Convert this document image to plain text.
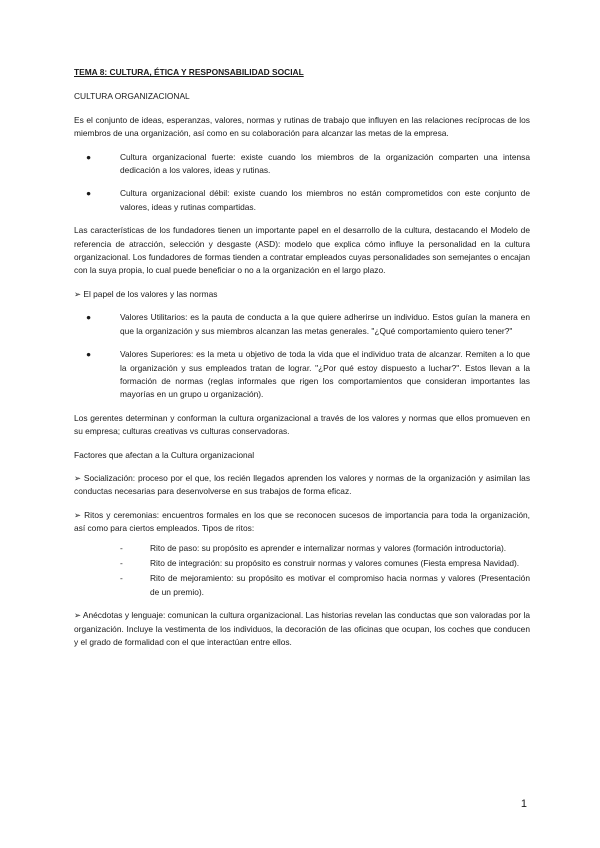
TEMA 8: CULTURA, ÉTICA Y RESPONSABILIDAD SOCIAL
CULTURA ORGANIZACIONAL

Es el conjunto de ideas, esperanzas, valores, normas y rutinas de trabajo que influyen en las relaciones recíprocas de los miembros de una organización, así como en su colaboración para alcanzar las metas de la empresa.

●	Cultura organizacional fuerte: existe cuando los miembros de la organización comparten una intensa dedicación a los valores, ideas y rutinas.
●	Cultura organizacional débil: existe cuando los miembros no están comprometidos con este conjunto de valores, ideas y rutinas compartidas.

Las características de los fundadores tienen un importante papel en el desarrollo de la cultura, destacando el Modelo de referencia de atracción, selección y desgaste (ASD): modelo que explica cómo influye la personalidad en la cultura organizacional. Los fundadores de formas tienden a contratar empleados cuyas personalidades son semejantes o encajan con la suya propia, lo cual puede beneficiar o no a la organización en el largo plazo.

➢ El papel de los valores y las normas
●	Valores Utilitarios: es la pauta de conducta a la que quiere adherirse un individuo. Estos guían la manera en que la organización y sus miembros alcanzan las metas generales. "¿Qué comportamiento quiero tener?"
●	Valores Superiores: es la meta u objetivo de toda la vida que el individuo trata de alcanzar. Remiten a lo que la organización y sus empleados tratan de lograr. "¿Por qué estoy dispuesto a luchar?". Estos llevan a la formación de normas (reglas informales que rigen los comportamientos que consideran importantes las mayorías en un grupo u organización).

Los gerentes determinan y conforman la cultura organizacional a través de los valores y normas que ellos promueven en su empresa; culturas creativas vs culturas conservadoras.

Factores que afectan a la Cultura organizacional

➢ Socialización: proceso por el que, los recién llegados aprenden los valores y normas de la organización y asimilan las conductas necesarias para desenvolverse en sus trabajos de forma eficaz.

➢ Ritos y ceremonias: encuentros formales en los que se reconocen sucesos de importancia para toda la organización, así como para ciertos empleados. Tipos de ritos:

-	Rito de paso: su propósito es aprender e internalizar normas y valores (formación introductoria).
-	Rito de integración: su propósito es construir normas y valores comunes (Fiesta empresa Navidad).
-	Rito de mejoramiento: su propósito es motivar el compromiso hacia normas y valores (Presentación de un premio).

➢ Anécdotas y lenguaje: comunican la cultura organizacional. Las historias revelan las conductas que son valoradas por la organización. Incluye la vestimenta de los individuos, la decoración de las oficinas que ocupan, los coches que conducen y el grado de formalidad con el que interactúan entre ellos.

1
